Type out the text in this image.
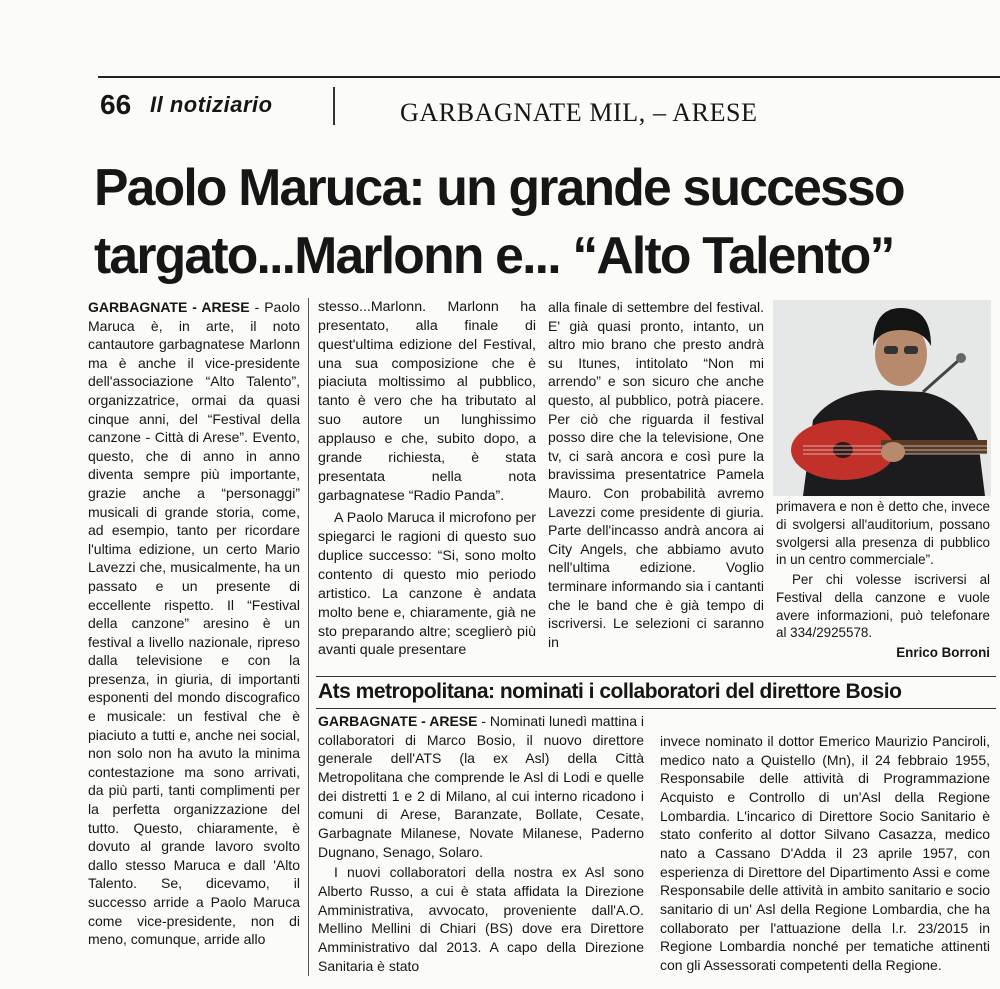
66 Il notiziario	GARBAGNATE MIL, – ARESE
Paolo Maruca: un grande successo
targato...Marlonn e... “Alto Talento”

GARBAGNATE - ARESE - Paolo Maruca è, in arte, il noto cantautore garbagnatese Marlonn ma è anche il vice-presidente dell'associazione “Alto Talento”, organizzatrice, ormai da quasi cinque anni, del “Festival della canzone - Città di Arese”. Evento, questo, che di anno in anno diventa sempre più importante, grazie anche a “personaggi” musicali di grande storia, come, ad esempio, tanto per ricordare l'ultima edizione, un certo Mario Lavezzi che, musicalmente, ha un passato e un presente di eccellente rispetto. Il “Festival della canzone” aresino è un festival a livello nazionale, ripreso dalla televisione e con la presenza, in giuria, di importanti esponenti del mondo discografico e musicale: un festival che è piaciuto a tutti e, anche nei social, non solo non ha avuto la minima contestazione ma sono arrivati, da più parti, tanti complimenti per la perfetta organizzazione del tutto. Questo, chiaramente, è dovuto al grande lavoro svolto dallo stesso Maruca e dall 'Alto Talento. Se, dicevamo, il successo arride a Paolo Maruca come vice-presidente, non di meno, comunque, arride allo

stesso...Marlonn. Marlonn ha presentato, alla finale di quest'ultima edizione del Festival, una sua composizione che è piaciuta moltissimo al pubblico, tanto è vero che ha tributato al suo autore un lunghissimo applauso e che, subito dopo, a grande richiesta, è stata presentata nella nota garbagnatese “Radio Panda”.

A Paolo Maruca il microfono per spiegarci le ragioni di questo suo duplice successo: “Si, sono molto contento di questo mio periodo artistico. La canzone è andata molto bene e, chiaramente, già ne sto preparando altre; sceglierò più avanti quale presentare

alla finale di settembre del festival. E' già quasi pronto, intanto, un altro mio brano che presto andrà su Itunes, intitolato “Non mi arrendo” e son sicuro che anche questo, al pubblico, potrà piacere. Per ciò che riguarda il festival posso dire che la televisione, One tv, ci sarà ancora e così pure la bravissima presentatrice Pamela Mauro. Con probabilità avremo Lavezzi come presidente di giuria. Parte dell'incasso andrà ancora ai City Angels, che abbiamo avuto nell'ultima edizione. Voglio terminare informando sia i cantanti che le band che è già tempo di iscriversi. Le selezioni ci saranno in

primavera e non è detto che, invece di svolgersi all'auditorium, possano svolgersi alla presenza di pubblico in un centro commerciale”.

Per chi volesse iscriversi al Festival della canzone e vuole avere informazioni, può telefonare al 334/2925578.

Enrico Borroni

Ats metropolitana: nominati i collaboratori del direttore Bosio

GARBAGNATE - ARESE - Nominati lunedì mattina i collaboratori di Marco Bosio, il nuovo direttore generale dell'ATS (la ex Asl) della Città Metropolitana che comprende le Asl di Lodi e quelle dei distretti 1 e 2 di Milano, al cui interno ricadono i comuni di Arese, Baranzate, Bollate, Cesate, Garbagnate Milanese, Novate Milanese, Paderno Dugnano, Senago, Solaro.

I nuovi collaboratori della nostra ex Asl sono Alberto Russo, a cui è stata affidata la Direzione Amministrativa, avvocato, proveniente dall'A.O. Mellino Mellini di Chiari (BS) dove era Direttore Amministrativo dal 2013. A capo della Direzione Sanitaria è stato

invece nominato il dottor Emerico Maurizio Panciroli, medico nato a Quistello (Mn), il 24 febbraio 1955, Responsabile delle attività di Programmazione Acquisto e Controllo di un'Asl della Regione Lombardia. L'incarico di Direttore Socio Sanitario è stato conferito al dottor Silvano Casazza, medico nato a Cassano D'Adda il 23 aprile 1957, con esperienza di Direttore del Dipartimento Assi e come Responsabile delle attività in ambito sanitario e socio sanitario di un' Asl della Regione Lombardia, che ha collaborato per l'attuazione della l.r. 23/2015 in Regione Lombardia nonché per tematiche attinenti con gli Assessorati competenti della Regione.
